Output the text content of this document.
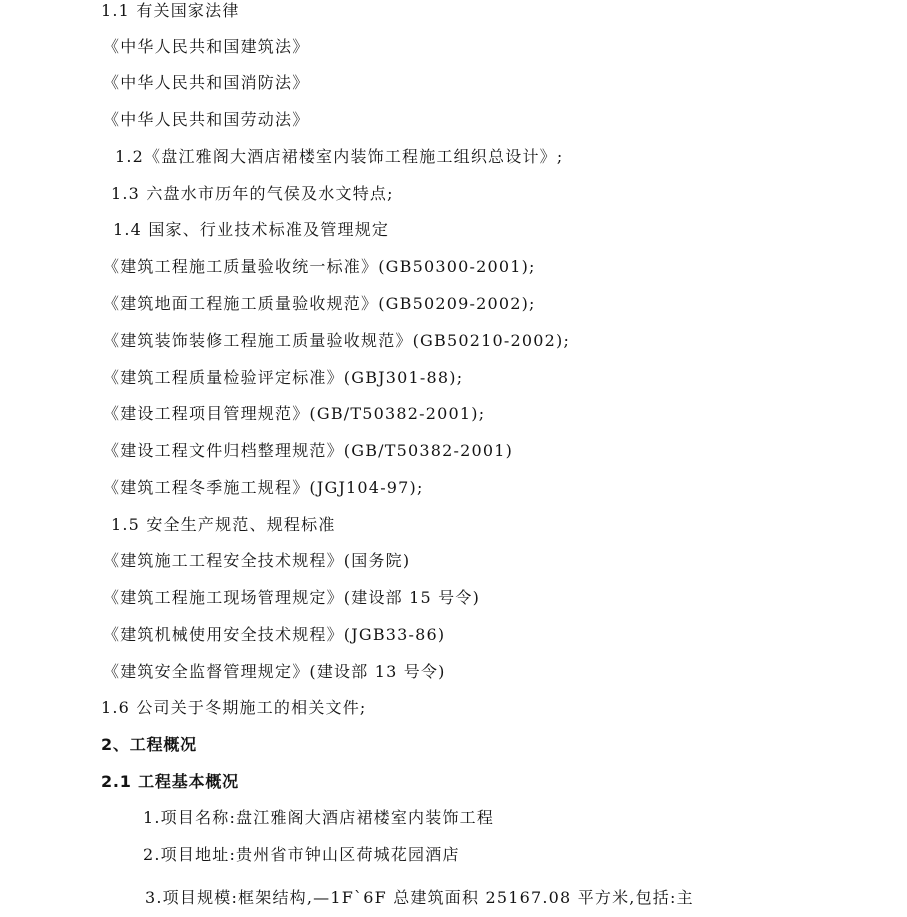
1.1 有关国家法律
《中华人民共和国建筑法》
《中华人民共和国消防法》
《中华人民共和国劳动法》
1.2《盘江雅阁大酒店裙楼室内装饰工程施工组织总设计》;
1.3 六盘水市历年的气侯及水文特点;
1.4 国家、行业技术标准及管理规定
《建筑工程施工质量验收统一标准》(GB50300-2001);
《建筑地面工程施工质量验收规范》(GB50209-2002);
《建筑装饰装修工程施工质量验收规范》(GB50210-2002);
《建筑工程质量检验评定标准》(GBJ301-88);
《建设工程项目管理规范》(GB/T50382-2001);
《建设工程文件归档整理规范》(GB/T50382-2001)
《建筑工程冬季施工规程》(JGJ104-97);
1.5 安全生产规范、规程标准
《建筑施工工程安全技术规程》(国务院)
《建筑工程施工现场管理规定》(建设部 15 号令)
《建筑机械使用安全技术规程》(JGB33-86)
《建筑安全监督管理规定》(建设部 13 号令)
1.6 公司关于冬期施工的相关文件;
2、工程概况
2.1 工程基本概况
1.项目名称:盘江雅阁大酒店裙楼室内装饰工程
2.项目地址:贵州省市钟山区荷城花园酒店
3.项目规模:框架结构,—1F`6F 总建筑面积 25167.08 平方米,包括:主
